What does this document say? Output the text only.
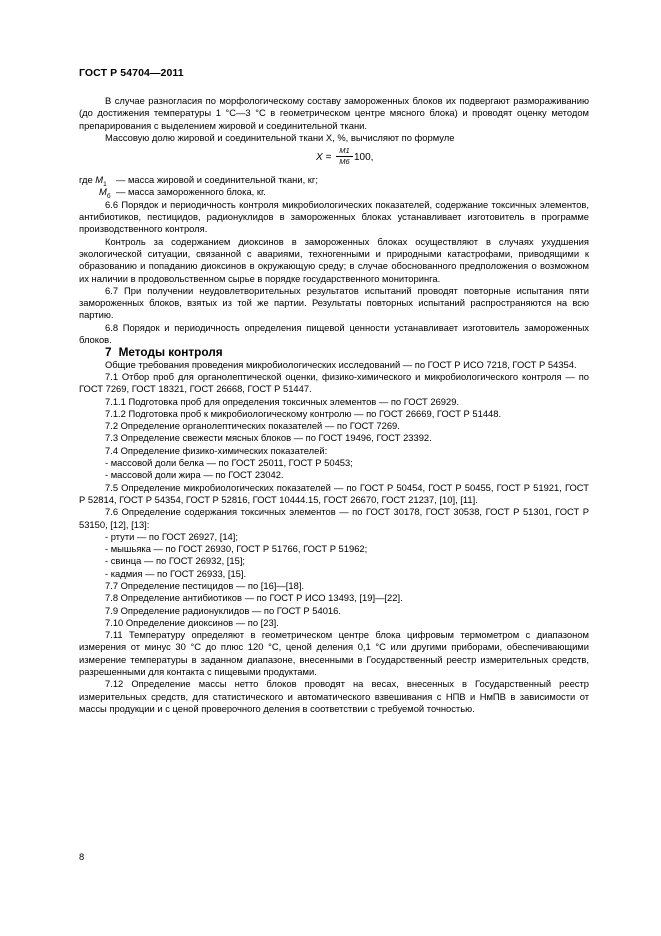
ГОСТ Р 54704—2011

В случае разногласия по морфологическому составу замороженных блоков их подвергают размораживанию (до достижения температуры 1 °С—3 °С в геометрическом центре мясного блока) и проводят оценку методом препарирования с выделением жировой и соединительной ткани.

Массовую долю жировой и соединительной ткани X, %, вычисляют по формуле

$X = \frac{M1}{M6} 100$,
где $M_1$ — масса жировой и соединительной ткани, кг;
$M_б$ — масса замороженного блока, кг.

6.6 Порядок и периодичность контроля микробиологических показателей, содержание токсичных элементов, антибиотиков, пестицидов, радионуклидов в замороженных блоках устанавливает изготовитель в программе производственного контроля.

Контроль за содержанием диоксинов в замороженных блоках осуществляют в случаях ухудшения экологической ситуации, связанной с авариями, техногенными и природными катастрофами, приводящими к образованию и попаданию диоксинов в окружающую среду; в случае обоснованного предположения о возможном их наличии в продовольственном сырье в порядке государственного мониторинга.

6.7 При получении неудовлетворительных результатов испытаний проводят повторные испытания пяти замороженных блоков, взятых из той же партии. Результаты повторных испытаний распространяются на всю партию.

6.8 Порядок и периодичность определения пищевой ценности устанавливает изготовитель замороженных блоков.

7 Методы контроля

Общие требования проведения микробиологических исследований — по ГОСТ Р ИСО 7218, ГОСТ Р 54354.

7.1 Отбор проб для органолептической оценки, физико-химического и микробиологического контроля — по ГОСТ 7269, ГОСТ 18321, ГОСТ 26668, ГОСТ Р 51447.

7.1.1 Подготовка проб для определения токсичных элементов — по ГОСТ 26929.

7.1.2 Подготовка проб к микробиологическому контролю — по ГОСТ 26669, ГОСТ Р 51448.

7.2 Определение органолептических показателей — по ГОСТ 7269.

7.3 Определение свежести мясных блоков — по ГОСТ 19496, ГОСТ 23392.

7.4 Определение физико-химических показателей:

- массовой доли белка — по ГОСТ 25011, ГОСТ Р 50453;

- массовой доли жира — по ГОСТ 23042.

7.5 Определение микробиологических показателей — по ГОСТ Р 50454, ГОСТ Р 50455, ГОСТ Р 51921, ГОСТ Р 52814, ГОСТ Р 54354, ГОСТ Р 52816, ГОСТ 10444.15, ГОСТ 26670, ГОСТ 21237, [10], [11].

7.6 Определение содержания токсичных элементов — по ГОСТ 30178, ГОСТ 30538, ГОСТ Р 51301, ГОСТ Р 53150, [12], [13]:

- ртути — по ГОСТ 26927, [14];

- мышьяка — по ГОСТ 26930, ГОСТ Р 51766, ГОСТ Р 51962;

- свинца — по ГОСТ 26932, [15];

- кадмия — по ГОСТ 26933, [15].

7.7 Определение пестицидов — по [16]—[18].

7.8 Определение антибиотиков — по ГОСТ Р ИСО 13493, [19]—[22].

7.9 Определение радионуклидов — по ГОСТ Р 54016.

7.10 Определение диоксинов — по [23].

7.11 Температуру определяют в геометрическом центре блока цифровым термометром с диапазоном измерения от минус 30 °С до плюс 120 °С, ценой деления 0,1 °С или другими приборами, обеспечивающими измерение температуры в заданном диапазоне, внесенными в Государственный реестр измерительных средств, разрешенными для контакта с пищевыми продуктами.

7.12 Определение массы нетто блоков проводят на весах, внесенных в Государственный реестр измерительных средств, для статистического и автоматического взвешивания с НПВ и НмПВ в зависимости от массы продукции и с ценой проверочного деления в соответствии с требуемой точностью.

8
